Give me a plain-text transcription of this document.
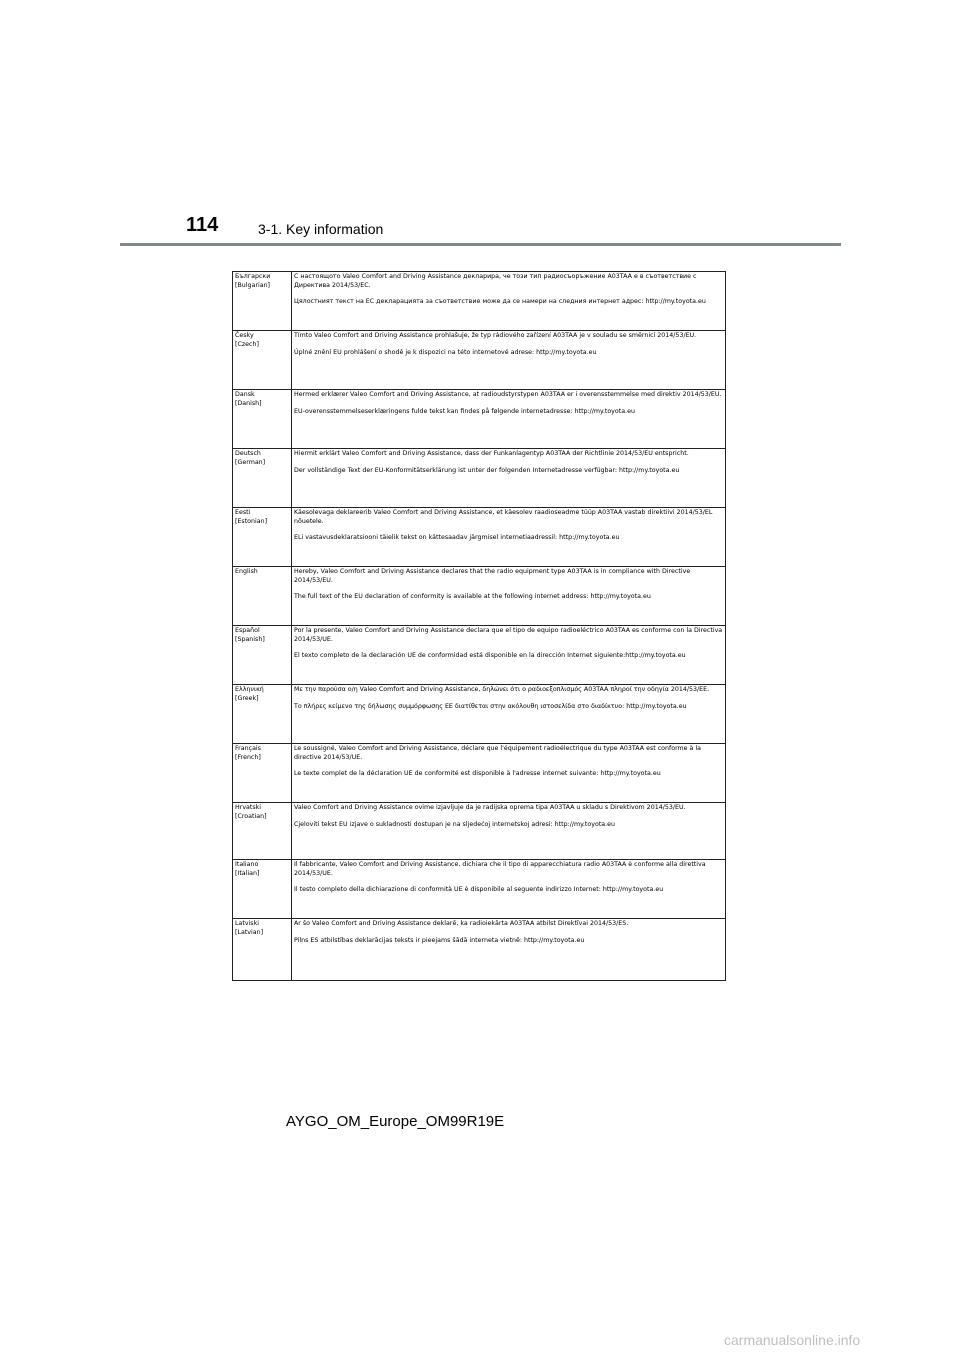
114	3-1. Key information
Български
[Bulgarian]	С настоящото Valeo Comfort and Driving Assistance декларира, че този тип радиосъоръжение A03TAA е в съответствие с Директива 2014/53/ЕС.
Цялостният текст на ЕС декларацията за съответствие може да се намери на следния интернет адрес: http://my.toyota.eu

Česky
[Czech]	Tímto Valeo Comfort and Driving Assistance prohlašuje, že typ rádiového zařízení A03TAA je v souladu se směrnicí 2014/53/EU.
Úplné znění EU prohlášení o shodě je k dispozici na této internetové adrese: http://my.toyota.eu

Dansk
[Danish]	Hermed erklærer Valeo Comfort and Driving Assistance, at radioudstyrstypen A03TAA er i overensstemmelse med direktiv 2014/53/EU.
EU-overensstemmelseserklæringens fulde tekst kan findes på følgende internetadresse: http://my.toyota.eu

Deutsch
[German]	Hiermit erklärt Valeo Comfort and Driving Assistance, dass der Funkanlagentyp A03TAA der Richtlinie 2014/53/EU entspricht.
Der vollständige Text der EU-Konformitätserklärung ist unter der folgenden Internetadresse verfügbar: http://my.toyota.eu

Eesti
[Estonian]	Käesolevaga deklareerib Valeo Comfort and Driving Assistance, et käesolev raadioseadme tüüp A03TAA vastab direktiivi 2014/53/EL nõuetele.
ELi vastavusdeklaratsiooni täielik tekst on kättesaadav järgmisel internetiaadressil: http://my.toyota.eu

English	Hereby, Valeo Comfort and Driving Assistance declares that the radio equipment type A03TAA is in compliance with Directive 2014/53/EU.
The full text of the EU declaration of conformity is available at the following internet address: http://my.toyota.eu

Español
[Spanish]	Por la presente, Valeo Comfort and Driving Assistance declara que el tipo de equipo radioeléctrico A03TAA es conforme con la Directiva 2014/53/UE.
El texto completo de la declaración UE de conformidad está disponible en la dirección Internet siguiente:http://my.toyota.eu

Ελληνική
[Greek]	Με την παρούσα ο/η Valeo Comfort and Driving Assistance, δηλώνει ότι ο ραδιοεξοπλισμός A03TAA πληροί την οδηγία 2014/53/ΕΕ.
Το πλήρες κείμενο της δήλωσης συμμόρφωσης ΕΕ διατίθεται στην ακόλουθη ιστοσελίδα στο διαδίκτυο: http://my.toyota.eu

Français
[French]	Le soussigné, Valeo Comfort and Driving Assistance, déclare que l'équipement radioélectrique du type A03TAA est conforme à la directive 2014/53/UE.
Le texte complet de la déclaration UE de conformité est disponible à l'adresse internet suivante: http://my.toyota.eu

Hrvatski
[Croatian]	Valeo Comfort and Driving Assistance ovime izjavljuje da je radijska oprema tipa A03TAA u skladu s Direktivom 2014/53/EU.
Cjeloviti tekst EU izjave o sukladnosti dostupan je na sljedećoj internetskoj adresi: http://my.toyota.eu

Italiano
[Italian]	Il fabbricante, Valeo Comfort and Driving Assistance, dichiara che il tipo di apparecchiatura radio A03TAA è conforme alla direttiva 2014/53/UE.
Il testo completo della dichiarazione di conformità UE è disponibile al seguente indirizzo Internet: http://my.toyota.eu

Latviski
[Latvian]	Ar šo Valeo Comfort and Driving Assistance deklarē, ka radioiekārta A03TAA atbilst Direktīvai 2014/53/ES.
Pilns ES atbilstības deklarācijas teksts ir pieejams šādā interneta vietnē: http://my.toyota.eu
AYGO_OM_Europe_OM99R19E
carmanualsonline.info
